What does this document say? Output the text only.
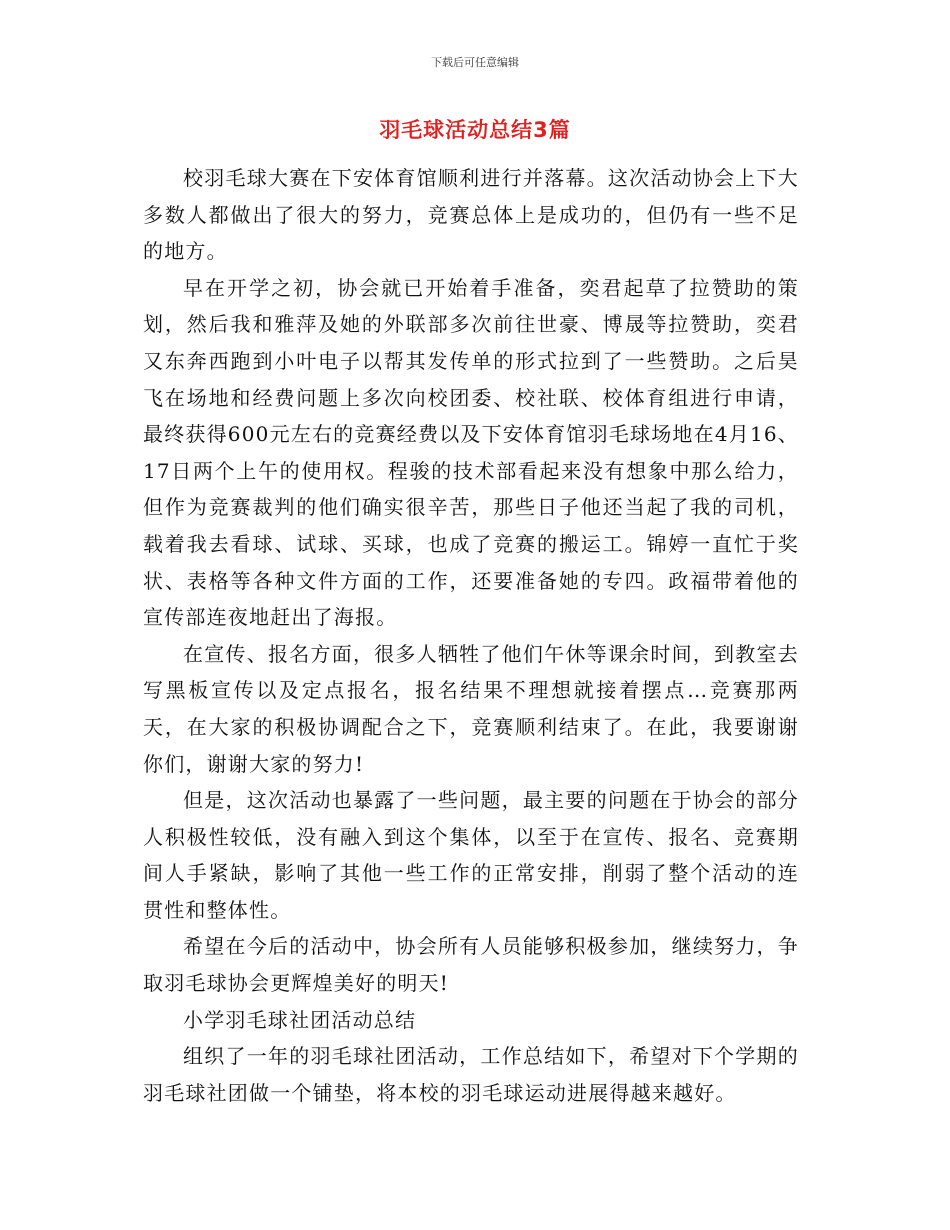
下载后可任意编辑
羽毛球活动总结3篇

校羽毛球大赛在下安体育馆顺利进行并落幕。这次活动协会上下大多数人都做出了很大的努力，竞赛总体上是成功的，但仍有一些不足的地方。

早在开学之初，协会就已开始着手准备，奕君起草了拉赞助的策划，然后我和雅萍及她的外联部多次前往世豪、博晟等拉赞助，奕君又东奔西跑到小叶电子以帮其发传单的形式拉到了一些赞助。之后昊飞在场地和经费问题上多次向校团委、校社联、校体育组进行申请，最终获得600元左右的竞赛经费以及下安体育馆羽毛球场地在4月16、17日两个上午的使用权。程骏的技术部看起来没有想象中那么给力，但作为竞赛裁判的他们确实很辛苦，那些日子他还当起了我的司机，载着我去看球、试球、买球，也成了竞赛的搬运工。锦婷一直忙于奖状、表格等各种文件方面的工作，还要准备她的专四。政福带着他的宣传部连夜地赶出了海报。

在宣传、报名方面，很多人牺牲了他们午休等课余时间，到教室去写黑板宣传以及定点报名，报名结果不理想就接着摆点…竞赛那两天，在大家的积极协调配合之下，竞赛顺利结束了。在此，我要谢谢你们，谢谢大家的努力!

但是，这次活动也暴露了一些问题，最主要的问题在于协会的部分人积极性较低，没有融入到这个集体，以至于在宣传、报名、竞赛期间人手紧缺，影响了其他一些工作的正常安排，削弱了整个活动的连贯性和整体性。

希望在今后的活动中，协会所有人员能够积极参加，继续努力，争取羽毛球协会更辉煌美好的明天!

小学羽毛球社团活动总结

组织了一年的羽毛球社团活动，工作总结如下，希望对下个学期的羽毛球社团做一个铺垫，将本校的羽毛球运动进展得越来越好。
